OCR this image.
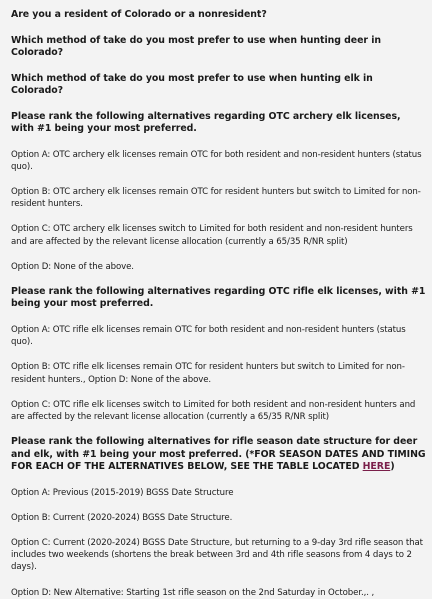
Are you a resident of Colorado or a nonresident?

Which method of take do you most prefer to use when hunting deer in Colorado?

Which method of take do you most prefer to use when hunting elk in Colorado?

Please rank the following alternatives regarding OTC archery elk licenses, with #1 being your most preferred.

Option A: OTC archery elk licenses remain OTC for both resident and non-resident hunters (status quo).

Option B: OTC archery elk licenses remain OTC for resident hunters but switch to Limited for non-resident hunters.

Option C: OTC archery elk licenses switch to Limited for both resident and non-resident hunters and are affected by the relevant license allocation (currently a 65/35 R/NR split)

Option D: None of the above.

Please rank the following alternatives regarding OTC rifle elk licenses, with #1 being your most preferred.

Option A: OTC rifle elk licenses remain OTC for both resident and non-resident hunters (status quo).

Option B: OTC rifle elk licenses remain OTC for resident hunters but switch to Limited for non-resident hunters., Option D: None of the above.

Option C: OTC rifle elk licenses switch to Limited for both resident and non-resident hunters and are affected by the relevant license allocation (currently a 65/35 R/NR split)

Please rank the following alternatives for rifle season date structure for deer and elk, with #1 being your most preferred. (*FOR SEASON DATES AND TIMING FOR EACH OF THE ALTERNATIVES BELOW, SEE THE TABLE LOCATED HERE)

Option A: Previous (2015-2019) BGSS Date Structure

Option B: Current (2020-2024) BGSS Date Structure.

Option C: Current (2020-2024) BGSS Date Structure, but returning to a 9-day 3rd rifle season that includes two weekends (shortens the break between 3rd and 4th rifle seasons from 4 days to 2 days).

Option D: New Alternative: Starting 1st rifle season on the 2nd Saturday in October.,. ,
